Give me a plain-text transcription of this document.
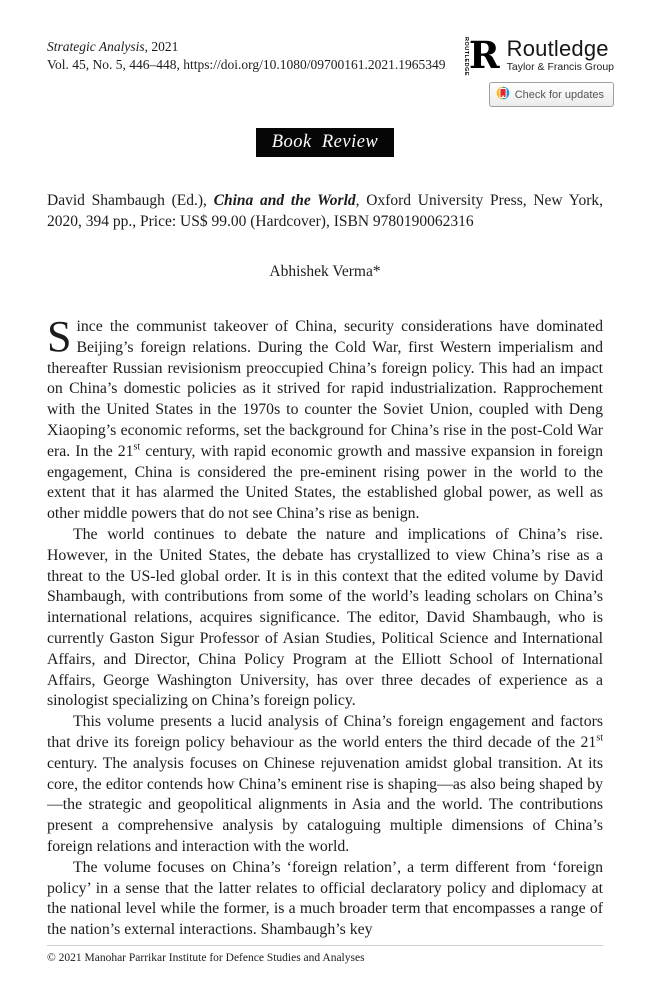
Strategic Analysis, 2021
Vol. 45, No. 5, 446–448, https://doi.org/10.1080/09700161.2021.1965349	ROUTLEDGE R Routledge
Taylor & Francis Group
Check for updates
Book Review

David Shambaugh (Ed.), China and the World, Oxford University Press, New York, 2020, 394 pp., Price: US$ 99.00 (Hardcover), ISBN 9780190062316

Abhishek Verma*

Since the communist takeover of China, security considerations have dominated Beijing’s foreign relations. During the Cold War, first Western imperialism and thereafter Russian revisionism preoccupied China’s foreign policy. This had an impact on China’s domestic policies as it strived for rapid industrialization. Rapprochement with the United States in the 1970s to counter the Soviet Union, coupled with Deng Xiaoping’s economic reforms, set the background for China’s rise in the post-Cold War era. In the 21st century, with rapid economic growth and massive expansion in foreign engagement, China is considered the pre-eminent rising power in the world to the extent that it has alarmed the United States, the established global power, as well as other middle powers that do not see China’s rise as benign.

The world continues to debate the nature and implications of China’s rise. However, in the United States, the debate has crystallized to view China’s rise as a threat to the US-led global order. It is in this context that the edited volume by David Shambaugh, with contributions from some of the world’s leading scholars on China’s international relations, acquires significance. The editor, David Shambaugh, who is currently Gaston Sigur Professor of Asian Studies, Political Science and International Affairs, and Director, China Policy Program at the Elliott School of International Affairs, George Washington University, has over three decades of experience as a sinologist specializing on China’s foreign policy.

This volume presents a lucid analysis of China’s foreign engagement and factors that drive its foreign policy behaviour as the world enters the third decade of the 21st century. The analysis focuses on Chinese rejuvenation amidst global transition. At its core, the editor contends how China’s eminent rise is shaping—as also being shaped by—the strategic and geopolitical alignments in Asia and the world. The contributions present a comprehensive analysis by cataloguing multiple dimensions of China’s foreign relations and interaction with the world.

The volume focuses on China’s ‘foreign relation’, a term different from ‘foreign policy’ in a sense that the latter relates to official declaratory policy and diplomacy at the national level while the former, is a much broader term that encompasses a range of the nation’s external interactions. Shambaugh’s key

© 2021 Manohar Parrikar Institute for Defence Studies and Analyses
